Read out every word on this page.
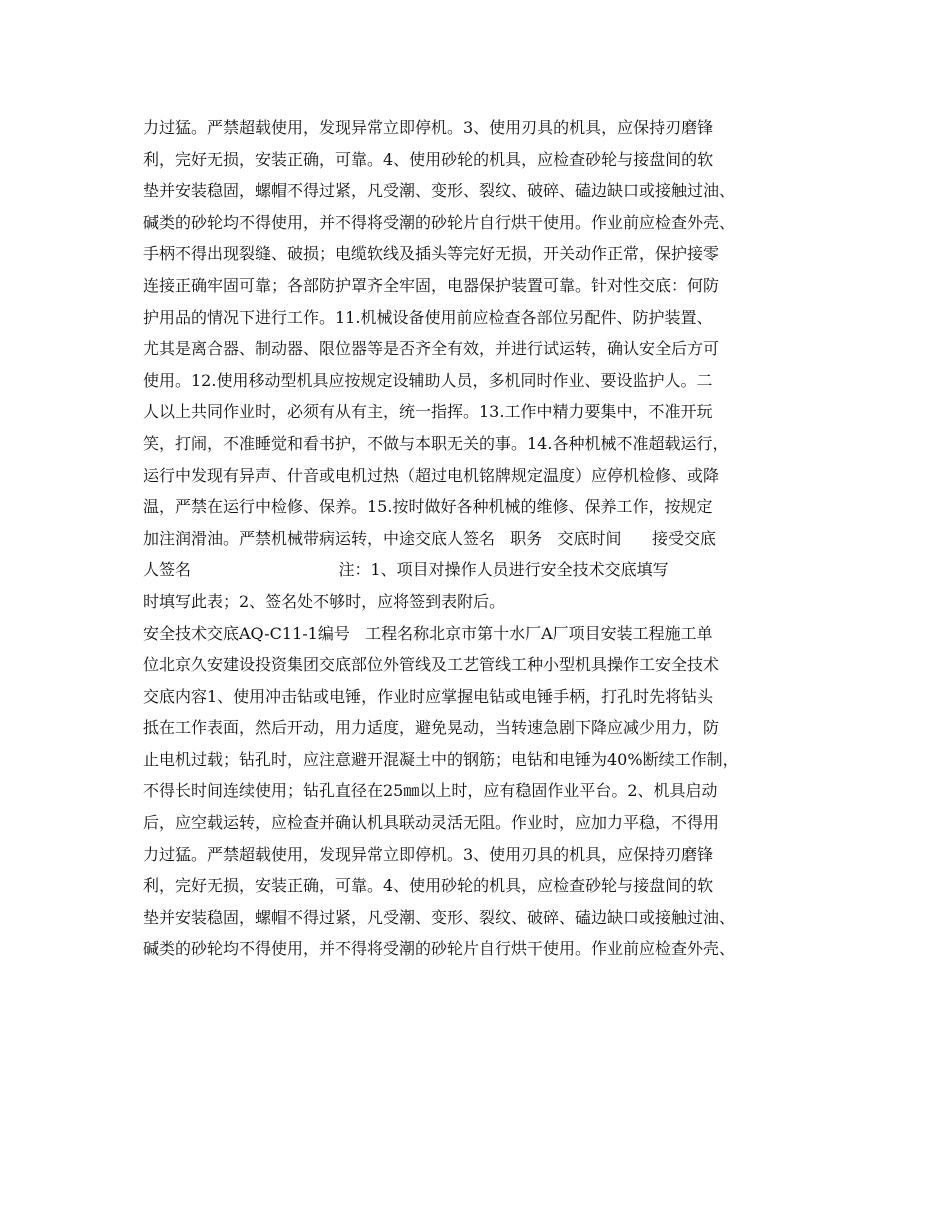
力过猛。严禁超载使用，发现异常立即停机。3、使用刃具的机具，应保持刃磨锋
利，完好无损，安装正确，可靠。4、使用砂轮的机具，应检查砂轮与接盘间的软
垫并安装稳固，螺帽不得过紧，凡受潮、变形、裂纹、破碎、磕边缺口或接触过油、
碱类的砂轮均不得使用，并不得将受潮的砂轮片自行烘干使用。作业前应检查外壳、
手柄不得出现裂缝、破损；电缆软线及插头等完好无损，开关动作正常，保护接零
连接正确牢固可靠；各部防护罩齐全牢固，电器保护装置可靠。针对性交底：何防
护用品的情况下进行工作。11.机械设备使用前应检查各部位另配件、防护装置、
尤其是离合器、制动器、限位器等是否齐全有效，并进行试运转，确认安全后方可
使用。12.使用移动型机具应按规定设辅助人员，多机同时作业、要设监护人。二
人以上共同作业时，必须有从有主，统一指挥。13.工作中精力要集中，不准开玩
笑，打闹，不准睡觉和看书护，不做与本职无关的事。14.各种机械不准超载运行，
运行中发现有异声、什音或电机过热（超过电机铭牌规定温度）应停机检修、或降
温，严禁在运行中检修、保养。15.按时做好各种机械的维修、保养工作，按规定
加注润滑油。严禁机械带病运转，中途交底人签名   职务   交底时间      接受交底
人签名                             注：1、项目对操作人员进行安全技术交底填写
时填写此表；2、签名处不够时，应将签到表附后。
安全技术交底AQ-C11-1编号   工程名称北京市第十水厂A厂项目安装工程施工单
位北京久安建设投资集团交底部位外管线及工艺管线工种小型机具操作工安全技术
交底内容1、使用冲击钻或电锤，作业时应掌握电钻或电锤手柄，打孔时先将钻头
抵在工作表面，然后开动，用力适度，避免晃动，当转速急剧下降应减少用力，防
止电机过载；钻孔时，应注意避开混凝土中的钢筋；电钻和电锤为40%断续工作制，
不得长时间连续使用；钻孔直径在25㎜以上时，应有稳固作业平台。2、机具启动
后，应空载运转，应检查并确认机具联动灵活无阻。作业时，应加力平稳，不得用
力过猛。严禁超载使用，发现异常立即停机。3、使用刃具的机具，应保持刃磨锋
利，完好无损，安装正确，可靠。4、使用砂轮的机具，应检查砂轮与接盘间的软
垫并安装稳固，螺帽不得过紧，凡受潮、变形、裂纹、破碎、磕边缺口或接触过油、
碱类的砂轮均不得使用，并不得将受潮的砂轮片自行烘干使用。作业前应检查外壳、
